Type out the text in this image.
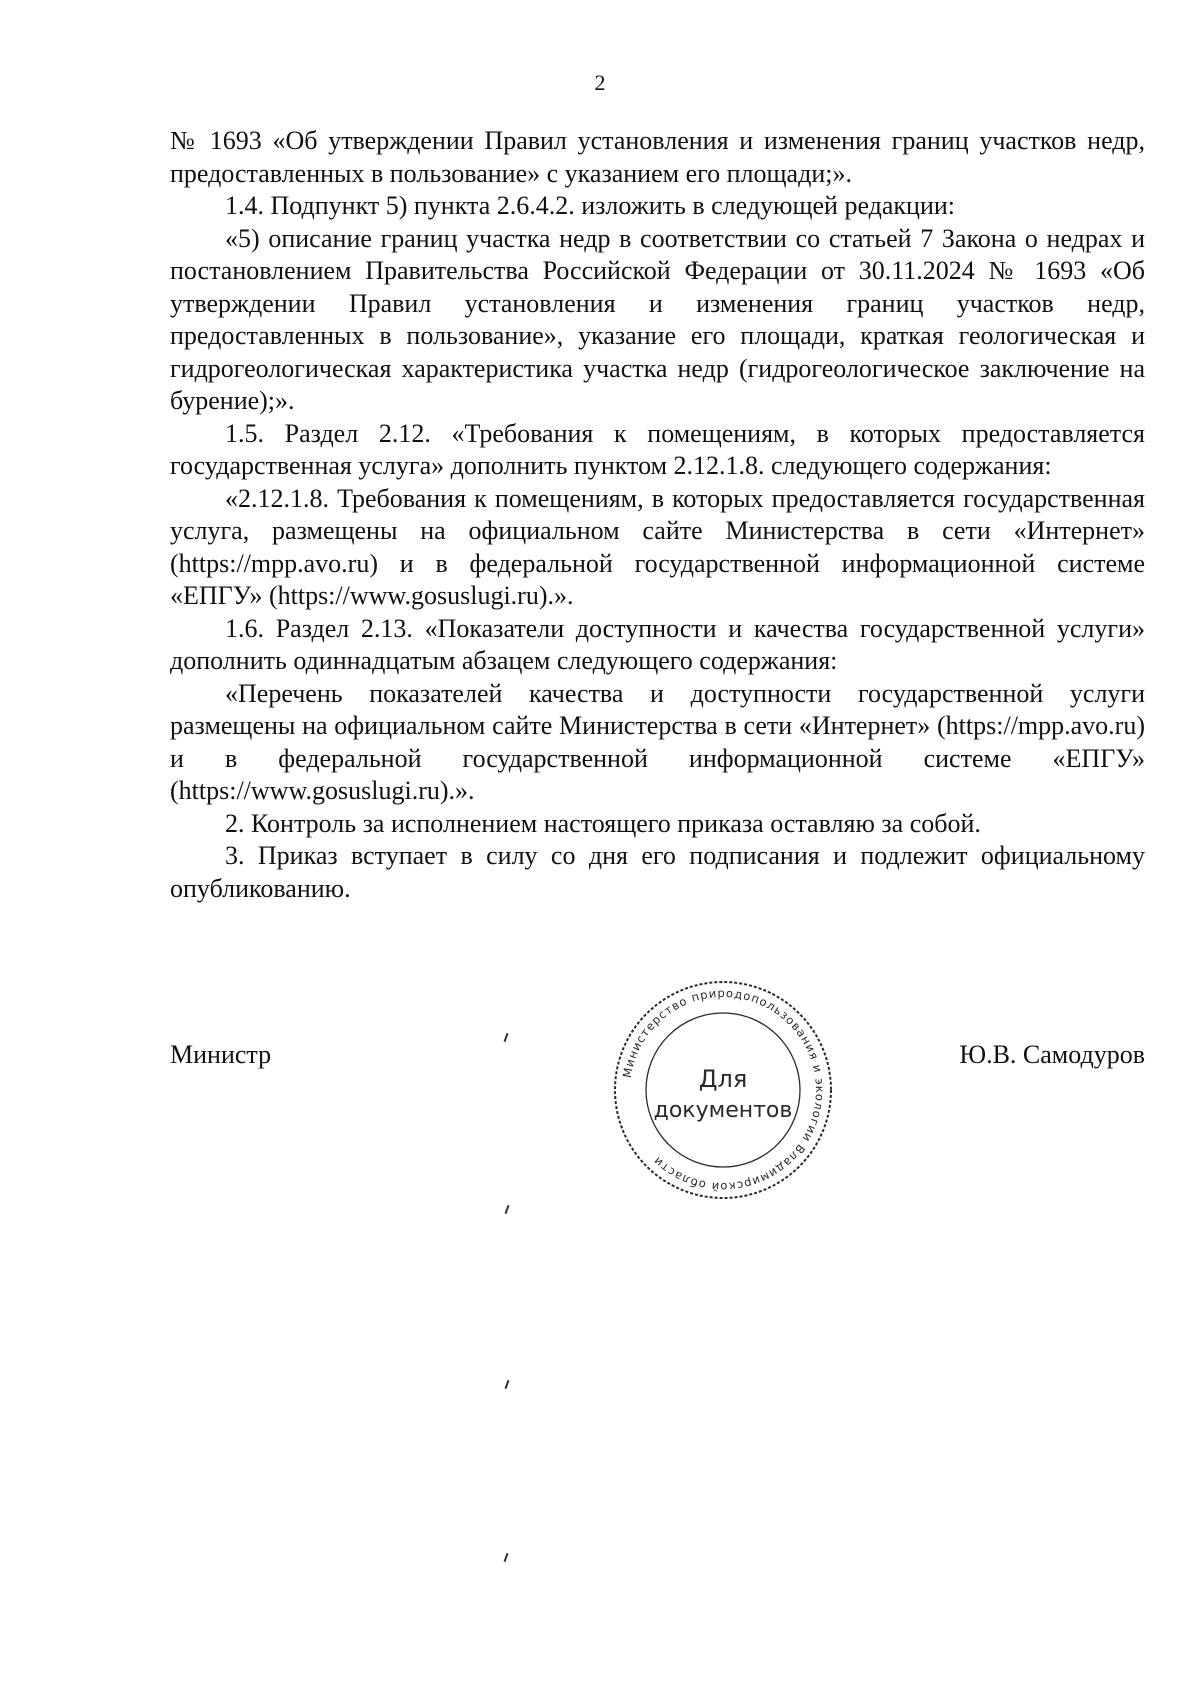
2

№ 1693 «Об утверждении Правил установления и изменения границ участков недр, предоставленных в пользование» с указанием его площади;».

1.4. Подпункт 5) пункта 2.6.4.2. изложить в следующей редакции:

«5) описание границ участка недр в соответствии со статьей 7 Закона о недрах и постановлением Правительства Российской Федерации от 30.11.2024 № 1693 «Об утверждении Правил установления и изменения границ участков недр, предоставленных в пользование», указание его площади, краткая геологическая и гидрогеологическая характеристика участка недр (гидрогеологическое заключение на бурение);».

1.5. Раздел 2.12. «Требования к помещениям, в которых предоставляется государственная услуга» дополнить пунктом 2.12.1.8. следующего содержания:

«2.12.1.8. Требования к помещениям, в которых предоставляется государственная услуга, размещены на официальном сайте Министерства в сети «Интернет» (https://mpp.avo.ru) и в федеральной государственной информационной системе «ЕПГУ» (https://www.gosuslugi.ru).».

1.6. Раздел 2.13. «Показатели доступности и качества государственной услуги» дополнить одиннадцатым абзацем следующего содержания:

«Перечень показателей качества и доступности государственной услуги размещены на официальном сайте Министерства в сети «Интернет» (https://mpp.avo.ru) и в федеральной государственной информационной системе «ЕПГУ» (https://www.gosuslugi.ru).».

2. Контроль за исполнением настоящего приказа оставляю за собой.

3. Приказ вступает в силу со дня его подписания и подлежит официальному опубликованию.

Министр	Ю.В. Самодуров
Министерство природопользования и экологии Владимирской области
Для
документов
